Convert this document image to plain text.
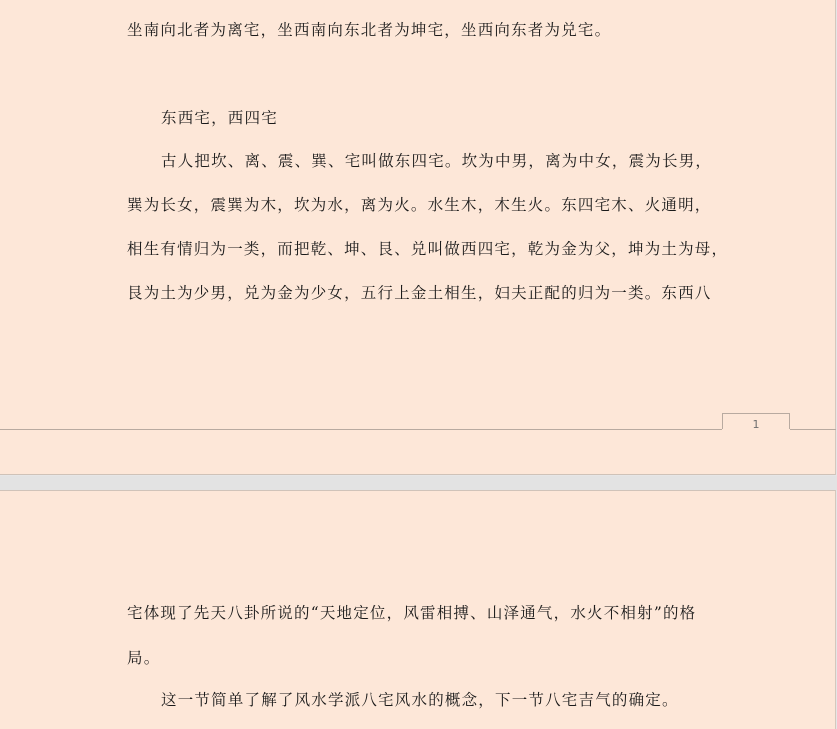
坐南向北者为离宅，坐西南向东北者为坤宅，坐西向东者为兑宅。
东西宅，西四宅
古人把坎、离、震、巽、宅叫做东四宅。坎为中男，离为中女，震为长男，
巽为长女，震巽为木，坎为水，离为火。水生木，木生火。东四宅木、火通明，
相生有情归为一类，而把乾、坤、艮、兑叫做西四宅，乾为金为父，坤为土为母，
艮为土为少男，兑为金为少女，五行上金土相生，妇夫正配的归为一类。东西八
1
宅体现了先天八卦所说的“天地定位，风雷相搏、山泽通气，水火不相射”的格
局。
这一节简单了解了风水学派八宅风水的概念，下一节八宅吉气的确定。
